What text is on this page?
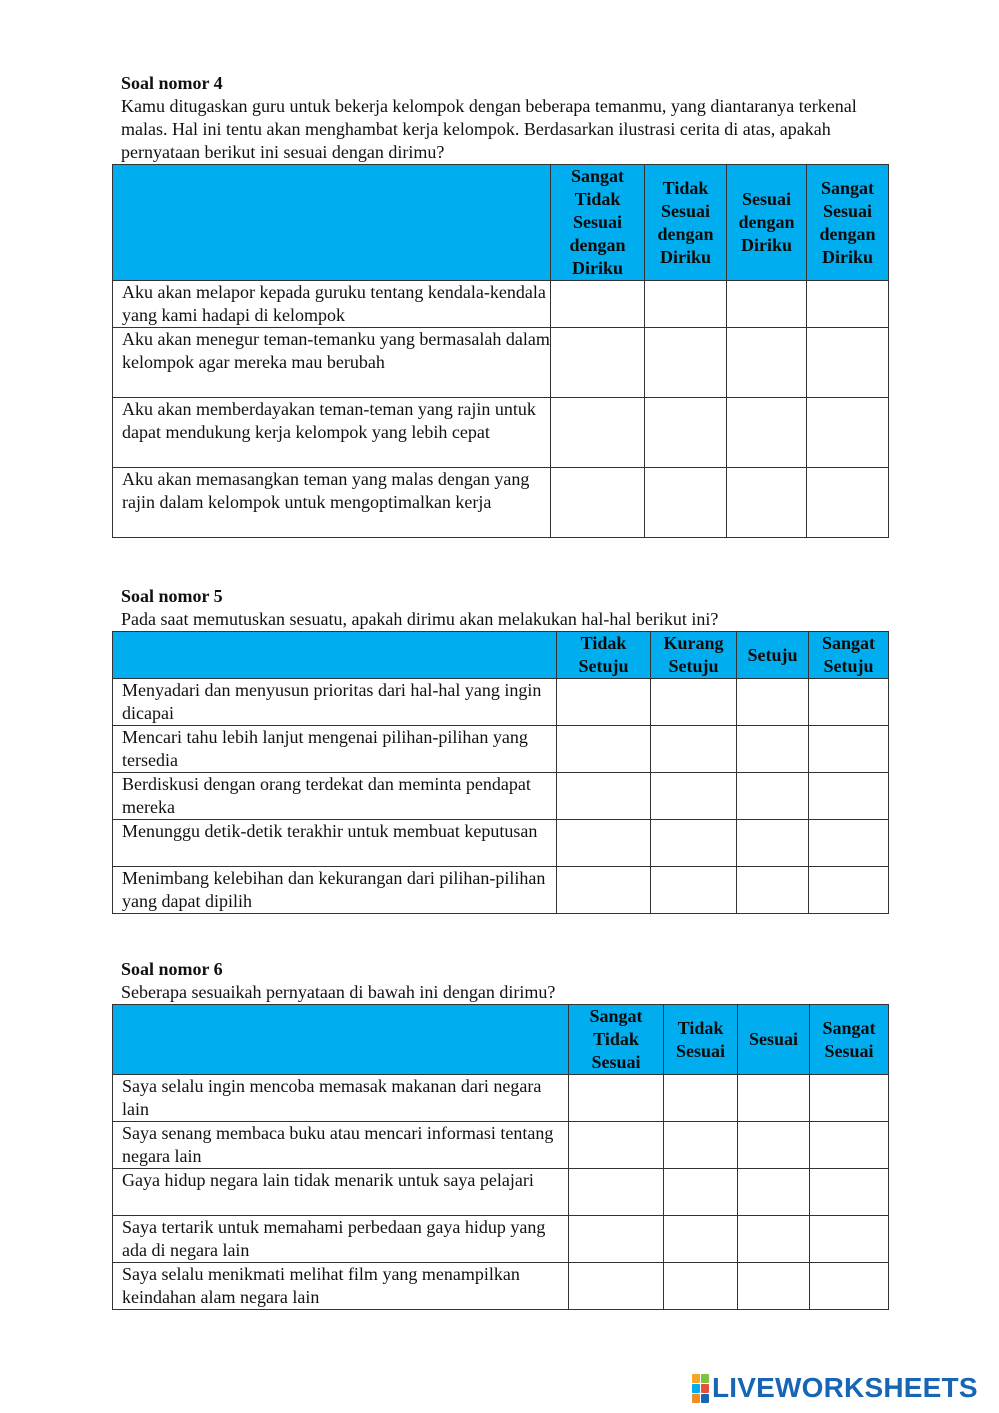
Soal nomor 4
Kamu ditugaskan guru untuk bekerja kelompok dengan beberapa temanmu, yang diantaranya terkenal malas. Hal ini tentu akan menghambat kerja kelompok. Berdasarkan ilustrasi cerita di atas, apakah pernyataan berikut ini sesuai dengan dirimu?
	Sangat Tidak Sesuai dengan Diriku	Tidak Sesuai dengan Diriku	Sesuai dengan Diriku	Sangat Sesuai dengan Diriku
Aku akan melapor kepada guruku tentang kendala-kendala yang kami hadapi di kelompok				
Aku akan menegur teman-temanku yang bermasalah dalam kelompok agar mereka mau berubah				
Aku akan memberdayakan teman-teman yang rajin untuk dapat mendukung kerja kelompok yang lebih cepat				
Aku akan memasangkan teman yang malas dengan yang rajin dalam kelompok untuk mengoptimalkan kerja				
Soal nomor 5
Pada saat memutuskan sesuatu, apakah dirimu akan melakukan hal-hal berikut ini?
	Tidak Setuju	Kurang Setuju	Setuju	Sangat Setuju
Menyadari dan menyusun prioritas dari hal-hal yang ingin dicapai				
Mencari tahu lebih lanjut mengenai pilihan-pilihan yang tersedia				
Berdiskusi dengan orang terdekat dan meminta pendapat mereka				
Menunggu detik-detik terakhir untuk membuat keputusan				
Menimbang kelebihan dan kekurangan dari pilihan-pilihan yang dapat dipilih				
Soal nomor 6
Seberapa sesuaikah pernyataan di bawah ini dengan dirimu?
	Sangat Tidak Sesuai	Tidak Sesuai	Sesuai	Sangat Sesuai
Saya selalu ingin mencoba memasak makanan dari negara lain				
Saya senang membaca buku atau mencari informasi tentang negara lain				
Gaya hidup negara lain tidak menarik untuk saya pelajari				
Saya tertarik untuk memahami perbedaan gaya hidup yang ada di negara lain				
Saya selalu menikmati melihat film yang menampilkan keindahan alam negara lain				
LIVEWORKSHEETS
